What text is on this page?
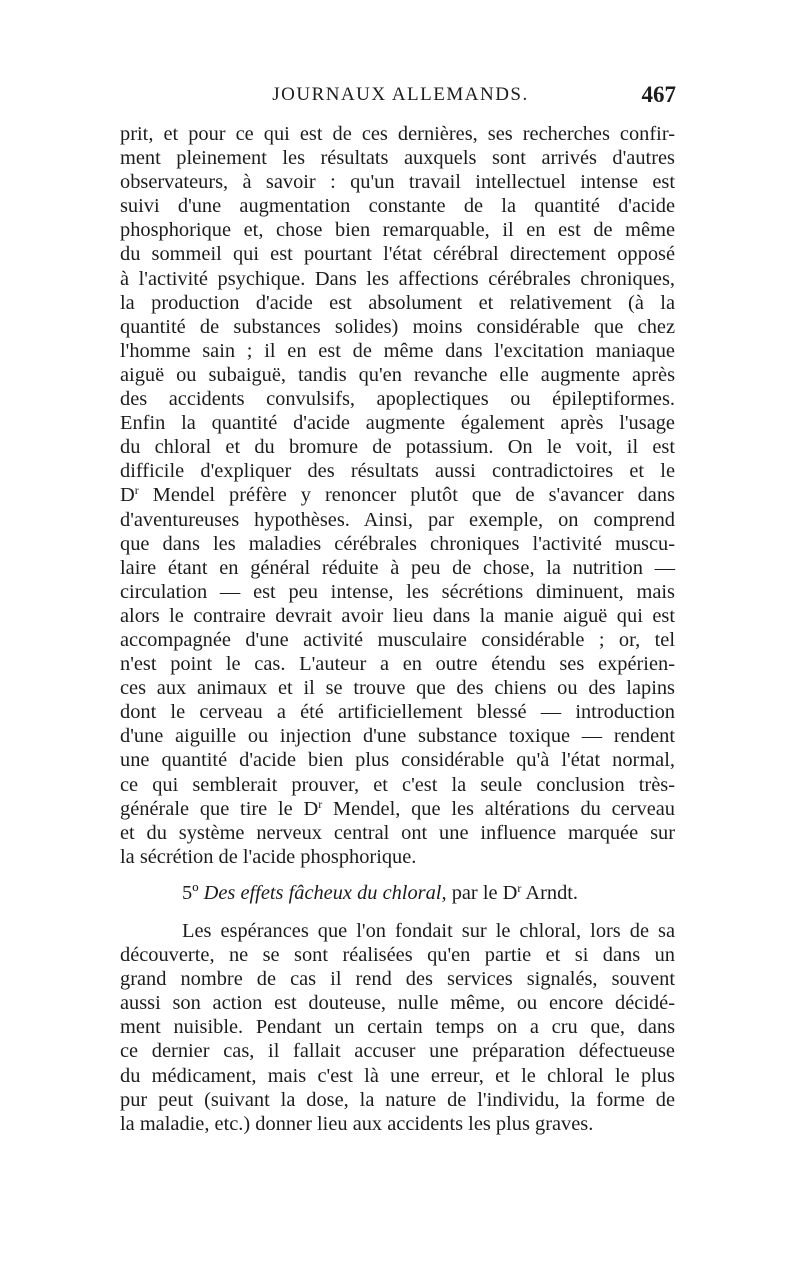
JOURNAUX ALLEMANDS.	467

prit, et pour ce qui est de ces dernières, ses recherches confir-

ment pleinement les résultats auxquels sont arrivés d'autres

observateurs, à savoir : qu'un travail intellectuel intense est

suivi d'une augmentation constante de la quantité d'acide

phosphorique et, chose bien remarquable, il en est de même

du sommeil qui est pourtant l'état cérébral directement opposé

à l'activité psychique. Dans les affections cérébrales chroniques,

la production d'acide est absolument et relativement (à la

quantité de substances solides) moins considérable que chez

l'homme sain ; il en est de même dans l'excitation maniaque

aiguë ou subaiguë, tandis qu'en revanche elle augmente après

des accidents convulsifs, apoplectiques ou épileptiformes.

Enfin la quantité d'acide augmente également après l'usage

du chloral et du bromure de potassium. On le voit, il est

difficile d'expliquer des résultats aussi contradictoires et le

$D^r$ Mendel préfère y renoncer plutôt que de s'avancer dans

d'aventureuses hypothèses. Ainsi, par exemple, on comprend

que dans les maladies cérébrales chroniques l'activité muscu-

laire étant en général réduite à peu de chose, la nutrition —

circulation — est peu intense, les sécrétions diminuent, mais

alors le contraire devrait avoir lieu dans la manie aiguë qui est

accompagnée d'une activité musculaire considérable ; or, tel

n'est point le cas. L'auteur a en outre étendu ses expérien-

ces aux animaux et il se trouve que des chiens ou des lapins

dont le cerveau a été artificiellement blessé — introduction

d'une aiguille ou injection d'une substance toxique — rendent

une quantité d'acide bien plus considérable qu'à l'état normal,

ce qui semblerait prouver, et c'est la seule conclusion très-

générale que tire le $D^r$ Mendel, que les altérations du cerveau

et du système nerveux central ont une influence marquée sur

la sécrétion de l'acide phosphorique.

5º Des effets fâcheux du chloral, par le $D^r$ Arndt.

Les espérances que l'on fondait sur le chloral, lors de sa

découverte, ne se sont réalisées qu'en partie et si dans un

grand nombre de cas il rend des services signalés, souvent

aussi son action est douteuse, nulle même, ou encore décidé-

ment nuisible. Pendant un certain temps on a cru que, dans

ce dernier cas, il fallait accuser une préparation défectueuse

du médicament, mais c'est là une erreur, et le chloral le plus

pur peut (suivant la dose, la nature de l'individu, la forme de

la maladie, etc.) donner lieu aux accidents les plus graves.
